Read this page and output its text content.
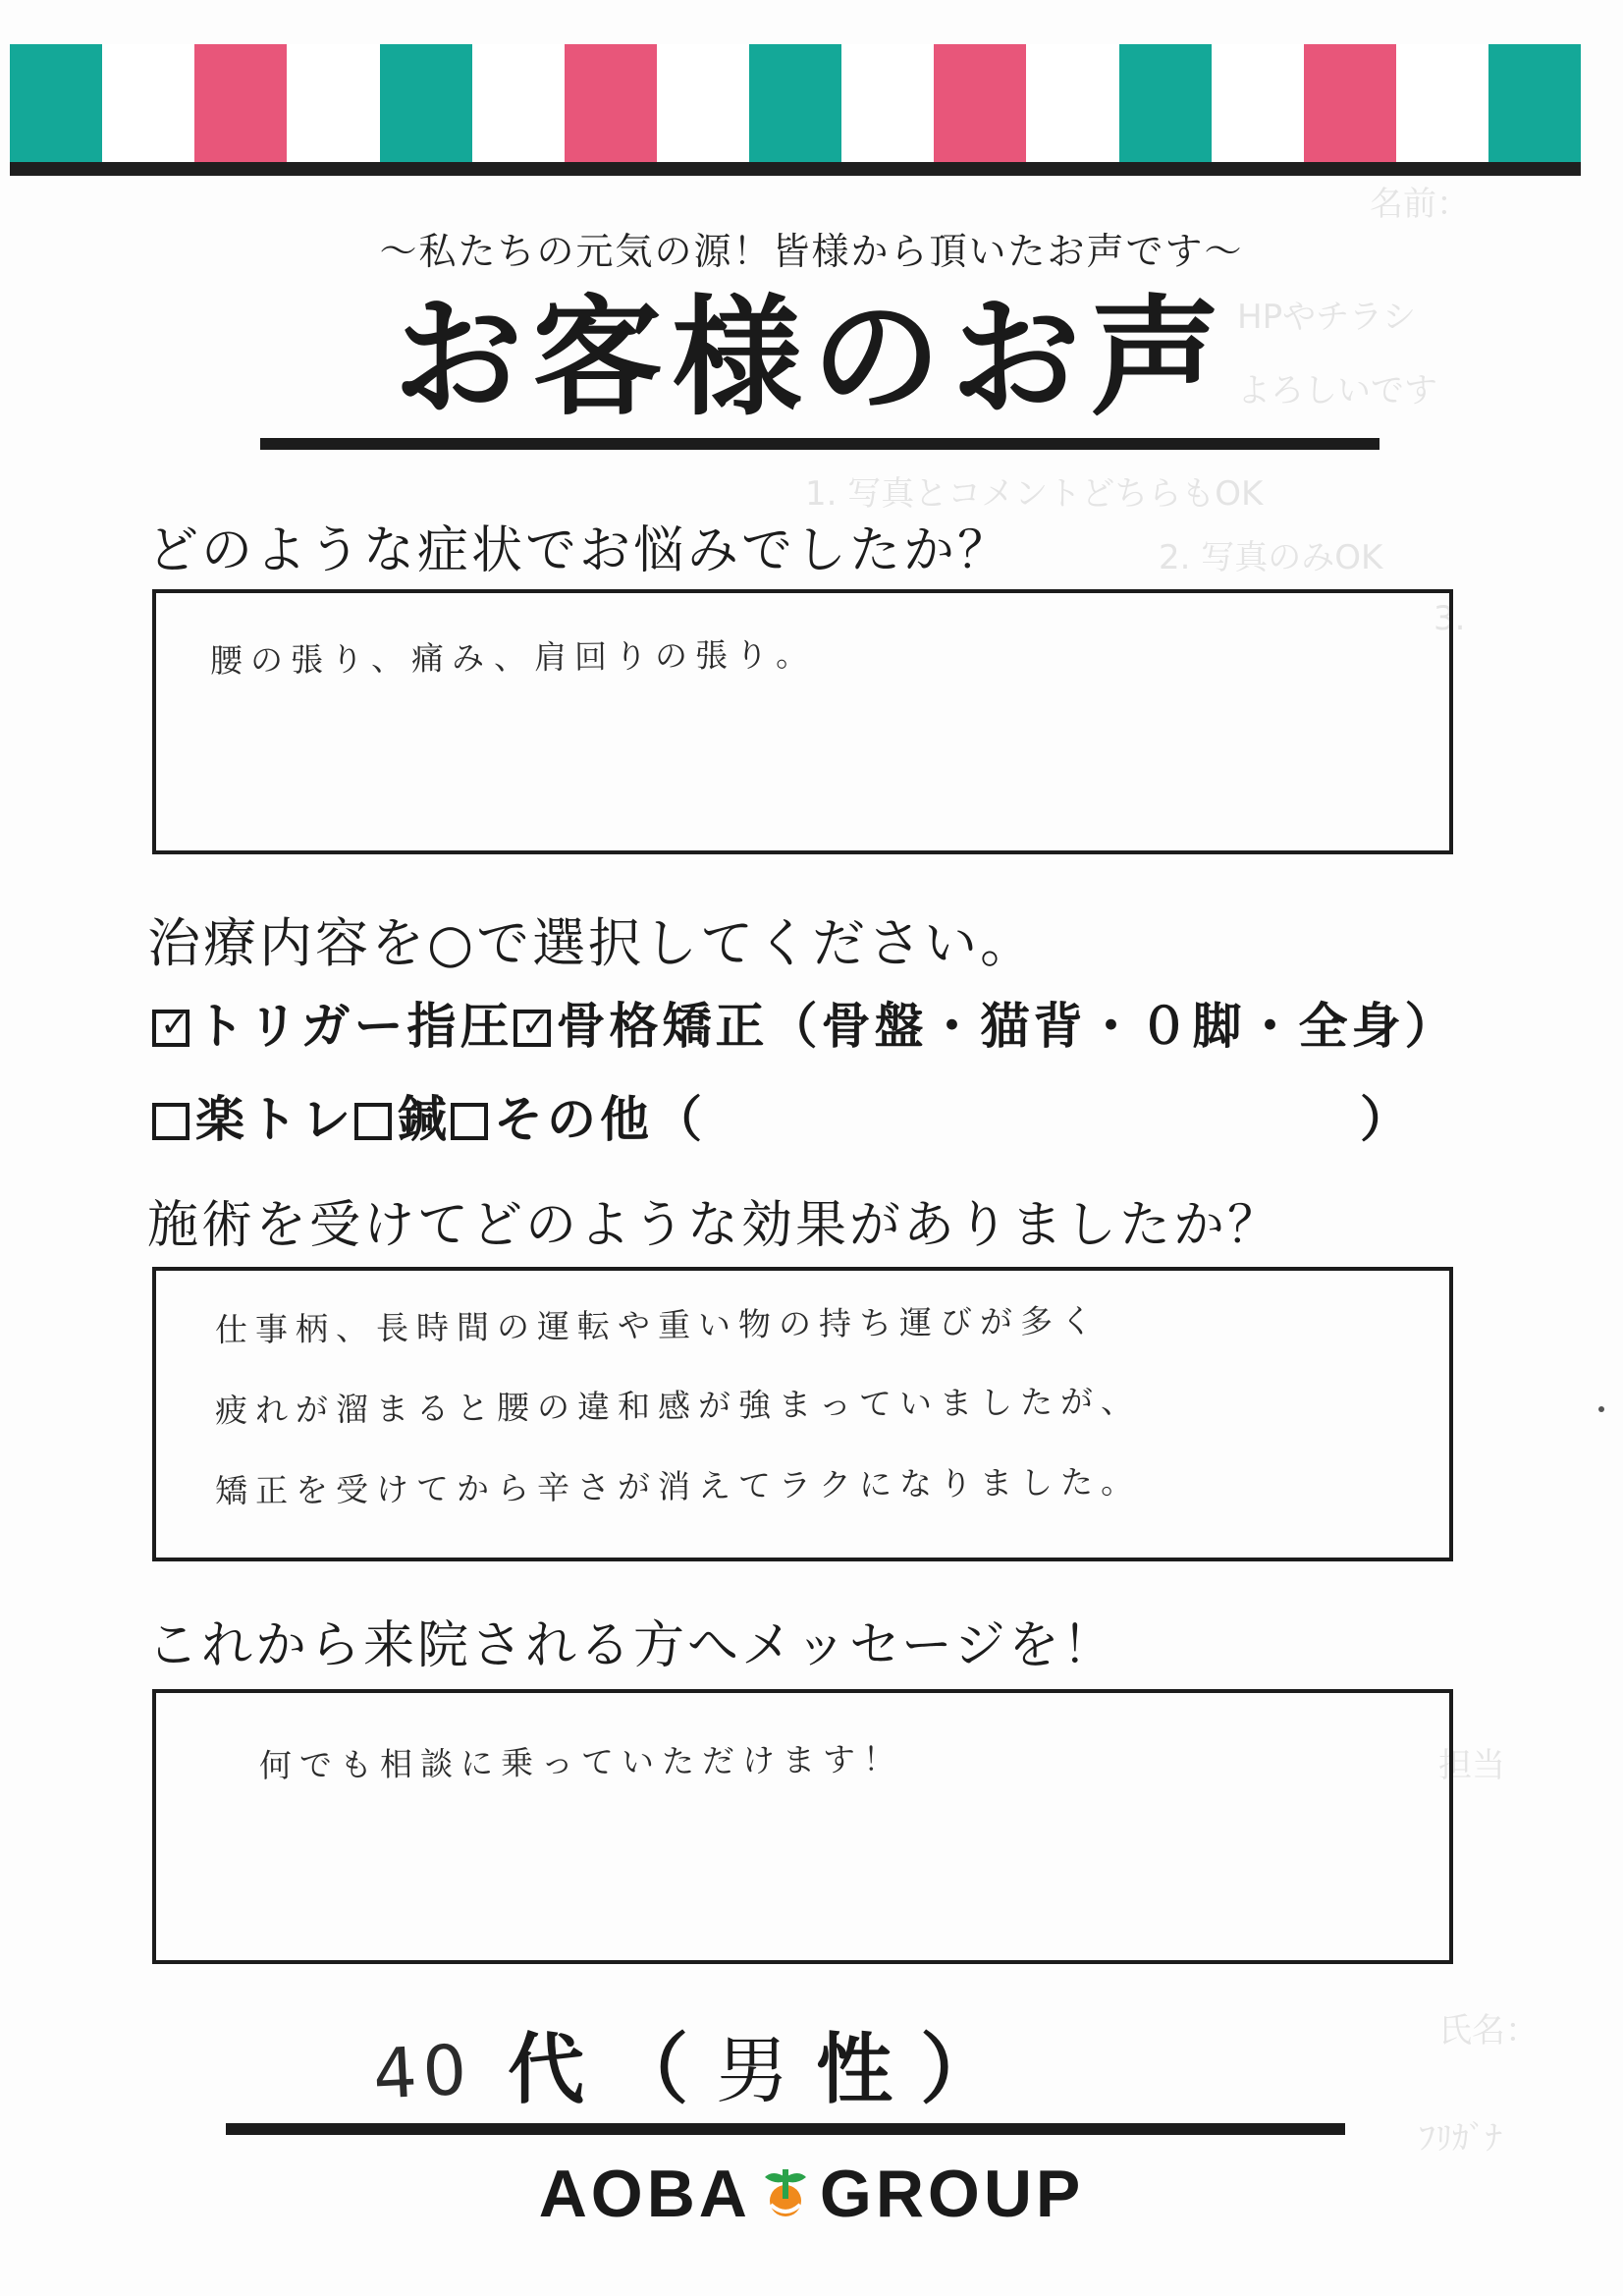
名前：
HPやチラシ
よろしいです
1. 写真とコメントどちらもOK
2. 写真のみOK
3.
担当
氏名：
ﾌﾘｶﾞﾅ
～私たちの元気の源！皆様から頂いたお声です～
お客様のお声
どのような症状でお悩みでしたか？
腰の張り、痛み、肩回りの張り。
治療内容を○で選択してください。
✓ トリガー指圧 ✓ 骨格矯正（骨盤・猫背・０脚・全身）
楽トレ 鍼 その他（	）
施術を受けてどのような効果がありましたか？
仕事柄、長時間の運転や重い物の持ち運びが多く
疲れが溜まると腰の違和感が強まっていましたが、
矯正を受けてから辛さが消えてラクになりました。
これから来院される方へメッセージを！
何でも相談に乗っていただけます！
40 代 （ 男 性 ）
AOBA GROUP
